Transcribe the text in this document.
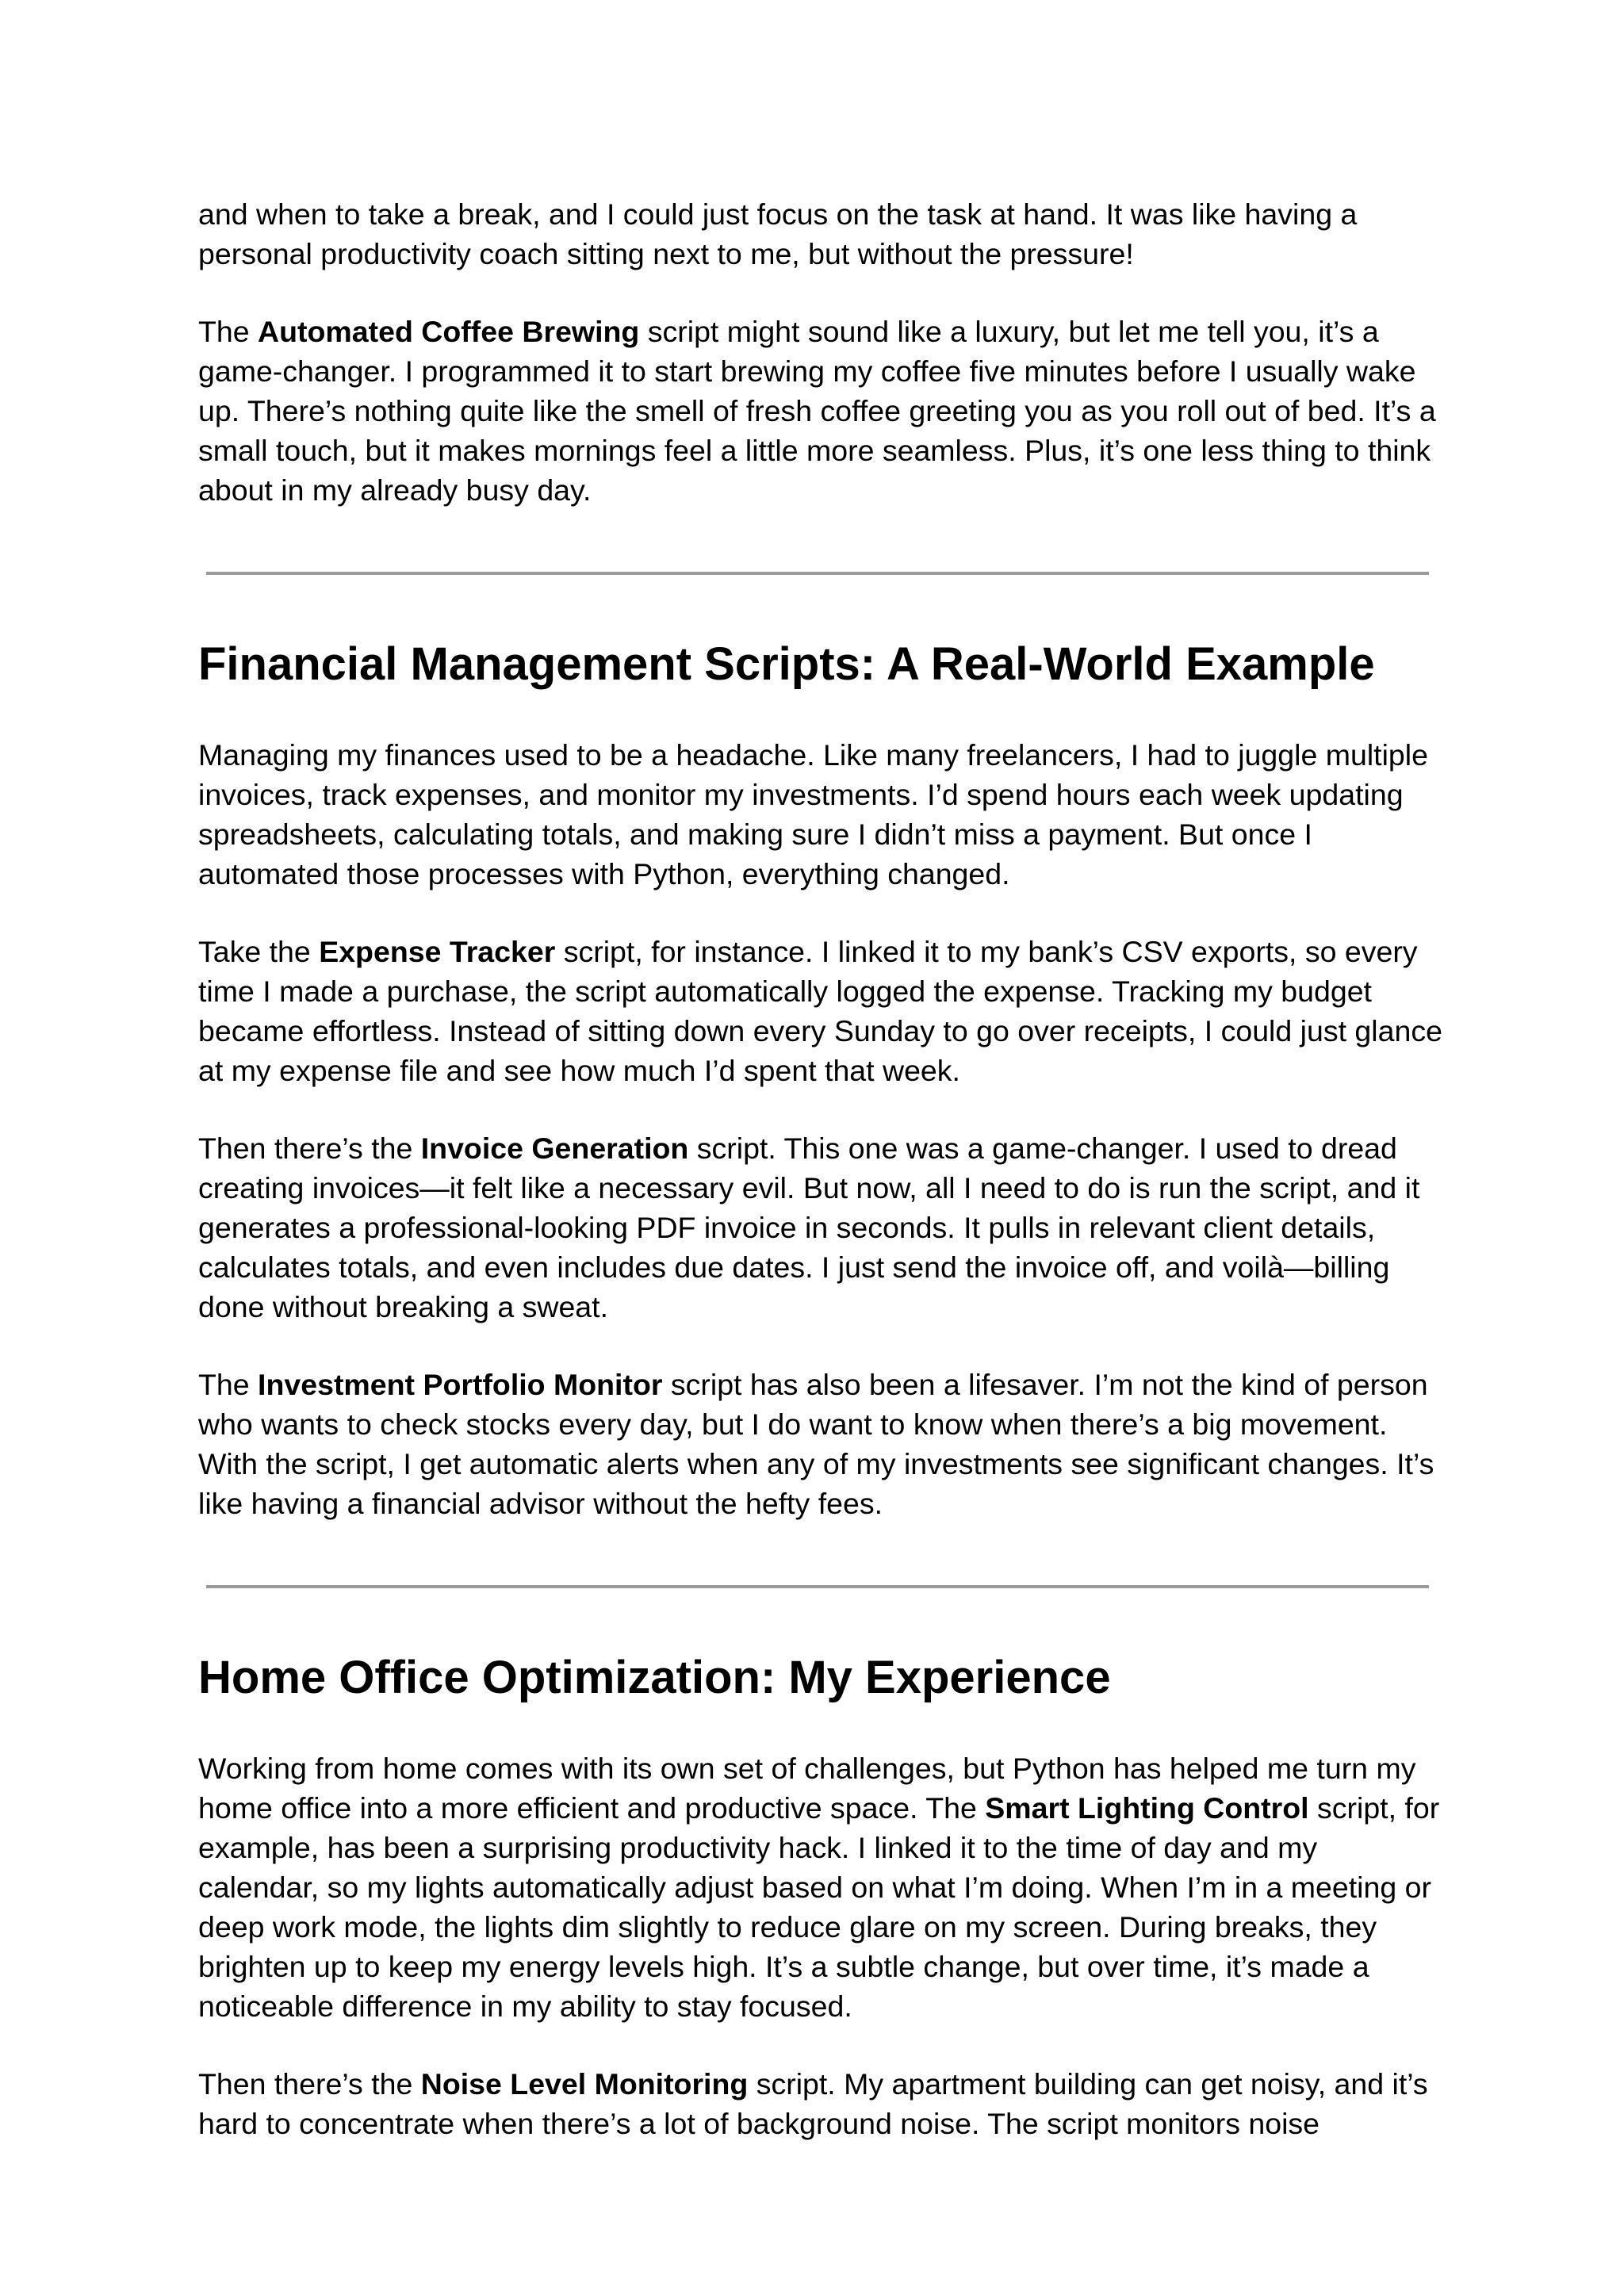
and when to take a break, and I could just focus on the task at hand. It was like having a personal productivity coach sitting next to me, but without the pressure!

The Automated Coffee Brewing script might sound like a luxury, but let me tell you, it’s a game-changer. I programmed it to start brewing my coffee five minutes before I usually wake up. There’s nothing quite like the smell of fresh coffee greeting you as you roll out of bed. It’s a small touch, but it makes mornings feel a little more seamless. Plus, it’s one less thing to think about in my already busy day.

Financial Management Scripts: A Real-World Example

Managing my finances used to be a headache. Like many freelancers, I had to juggle multiple invoices, track expenses, and monitor my investments. I’d spend hours each week updating spreadsheets, calculating totals, and making sure I didn’t miss a payment. But once I automated those processes with Python, everything changed.

Take the Expense Tracker script, for instance. I linked it to my bank’s CSV exports, so every time I made a purchase, the script automatically logged the expense. Tracking my budget became effortless. Instead of sitting down every Sunday to go over receipts, I could just glance at my expense file and see how much I’d spent that week.

Then there’s the Invoice Generation script. This one was a game-changer. I used to dread creating invoices—it felt like a necessary evil. But now, all I need to do is run the script, and it generates a professional-looking PDF invoice in seconds. It pulls in relevant client details, calculates totals, and even includes due dates. I just send the invoice off, and voilà—billing done without breaking a sweat.

The Investment Portfolio Monitor script has also been a lifesaver. I’m not the kind of person who wants to check stocks every day, but I do want to know when there’s a big movement. With the script, I get automatic alerts when any of my investments see significant changes. It’s like having a financial advisor without the hefty fees.

Home Office Optimization: My Experience

Working from home comes with its own set of challenges, but Python has helped me turn my home office into a more efficient and productive space. The Smart Lighting Control script, for example, has been a surprising productivity hack. I linked it to the time of day and my calendar, so my lights automatically adjust based on what I’m doing. When I’m in a meeting or deep work mode, the lights dim slightly to reduce glare on my screen. During breaks, they brighten up to keep my energy levels high. It’s a subtle change, but over time, it’s made a noticeable difference in my ability to stay focused.

Then there’s the Noise Level Monitoring script. My apartment building can get noisy, and it’s hard to concentrate when there’s a lot of background noise. The script monitors noise
